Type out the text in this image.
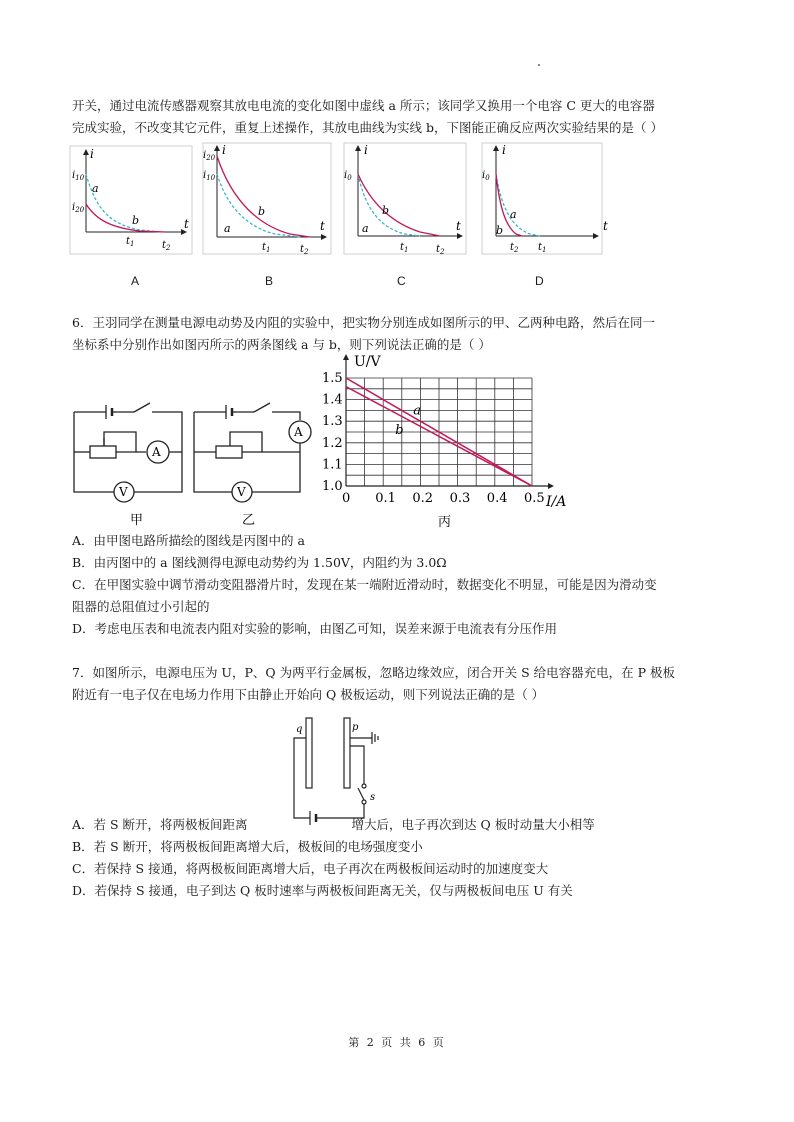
开关，通过电流传感器观察其放电电流的变化如图中虚线 a 所示；该同学又换用一个电容 C 更大的电容器
完成实验，不改变其它元件，重复上述操作，其放电曲线为实线 b，下图能正确反应两次实验结果的是（ ）
i
t
$i_{10}$
$i_{20}$
a
b
$t_1$	$t_2$
i
t
$i_{20}$
$i_{10}$
b
a
$t_1$	$t_2$
i
t
$i_0$
b
a
$t_1$	$t_2$
i
t
$i_0$
a
b
$t_2$ $t_1$
A	B	C	D
6．王羽同学在测量电源电动势及内阻的实验中，把实物分别连成如图所示的甲、乙两种电路，然后在同一
坐标系中分别作出如图丙所示的两条图线 a 与 b，则下列说法正确的是（ ）
A
V
A
V
甲	乙
U/V
I/A
丙
0 0.1 0.2 0.3 0.4 0.5
1.0
1.1
1.2
1.3
1.4
1.5
a
b
A．由甲图电路所描绘的图线是丙图中的 a
B．由丙图中的 a 图线测得电源电动势约为 1.50V，内阻约为 3.0Ω
C．在甲图实验中调节滑动变阻器滑片时，发现在某一端附近滑动时，数据变化不明显，可能是因为滑动变
阻器的总阻值过小引起的
D．考虑电压表和电流表内阻对实验的影响，由图乙可知，误差来源于电流表有分压作用
7．如图所示，电源电压为 U，P、Q 为两平行金属板，忽略边缘效应，闭合开关 S 给电容器充电，在 P 极板
附近有一电子仅在电场力作用下由静止开始向 Q 极板运动，则下列说法正确的是（ ）
q	p
s
A．若 S 断开，将两极板间距离	增大后，电子再次到达 Q 板时动量大小相等
B．若 S 断开，将两极板间距离增大后，极板间的电场强度变小
C．若保持 S 接通，将两极板间距离增大后，电子再次在两极板间运动时的加速度变大
D．若保持 S 接通，电子到达 Q 板时速率与两极板间距离无关，仅与两极板间电压 U 有关
第 2 页 共 6 页
